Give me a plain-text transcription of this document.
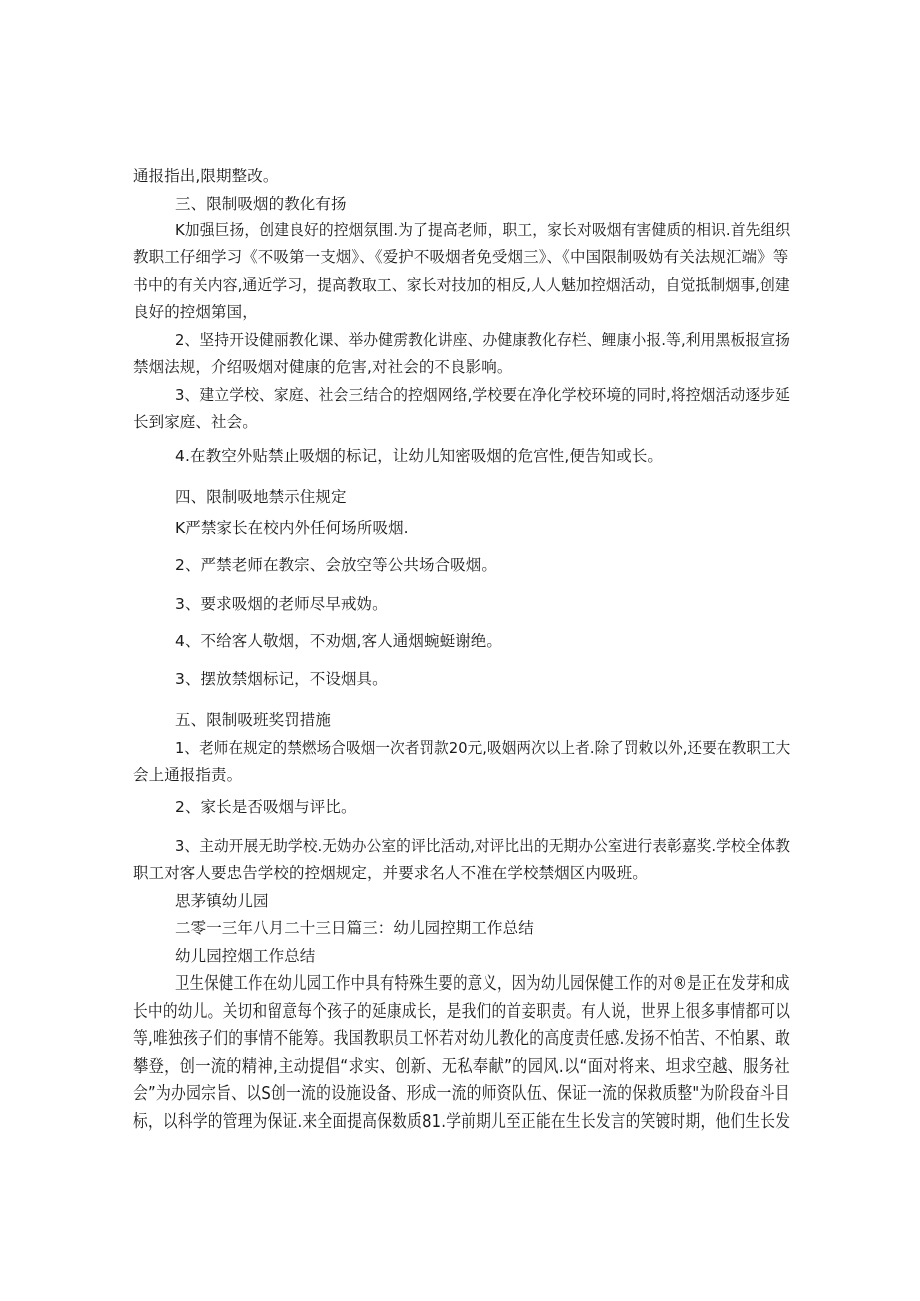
通报指出,限期整改。
三、限制吸烟的教化有扬
K加强巨扬，创建良好的控烟氛围.为了提高老师，职工，家长对吸烟有害健质的相识.首先组织
教职工仔细学习《不吸第一支烟》、《爱护不吸烟者免受烟三》、《中国限制吸妫有关法规汇端》等
书中的有关内容,通近学习，提高教取工、家长对技加的相反,人人魅加控烟活动，自觉抵制烟事,创建
良好的控烟第国，
2、坚持开设健丽教化课、举办健雳教化讲座、办健康教化存栏、鲤康小报.等,利用黑板报宣扬
禁烟法规，介绍吸烟对健康的危害,对社会的不良影响。
3、建立学校、家庭、社会三结合的控烟网络,学校要在净化学校环境的同时,将控烟活动逐步延
长到家庭、社会。
4.在教空外贴禁止吸烟的标记，让幼儿知密吸烟的危宫性,便告知或长。
四、限制吸地禁示住规定
K严禁家长在校内外任何场所吸烟.
2、严禁老师在教宗、会放空等公共场合吸烟。
3、要求吸烟的老师尽早戒妫。
4、不给客人敬烟，不劝烟,客人通烟蜿蜓谢绝。
3、摆放禁烟标记，不设烟具。
五、限制吸班奖罚措施
1、老师在规定的禁燃场合吸烟一次者罚款20元,吸姻两次以上者.除了罚敕以外,还要在教职工大
会上通报指责。
2、家长是否吸烟与评比。
3、主动开展无助学校.无妫办公室的评比活动,对评比出的无期办公室进行表彰嘉奖.学校全体教
职工对客人要忠告学校的控烟规定，并要求名人不准在学校禁烟区内吸班。
思茅镇幼儿园
二零一三年八月二十三日篇三：幼儿园控期工作总结
幼儿园控烟工作总结
卫生保健工作在幼儿园工作中具有特殊生要的意义，因为幼儿园保健工作的对®是正在发芽和成
长中的幼儿。关切和留意每个孩子的延康成长，是我们的首妾职责。有人说，世界上很多事情都可以
等,唯独孩子们的事情不能筹。我国教职员工怀若对幼儿教化的高度责任感.发扬不怕苦、不怕累、敢
攀登，创一流的精神,主动提倡“求实、创新、无私奉献”的园风.以“面对将来、坦求空越、服务社
会”为办园宗旨、以S创一流的设施设备、形成一流的师资队伍、保证一流的保救质整"为阶段奋斗目
标，以科学的管理为保证.来全面提高保数质81.学前期儿至正能在生长发言的笑镀时期，他们生长发
